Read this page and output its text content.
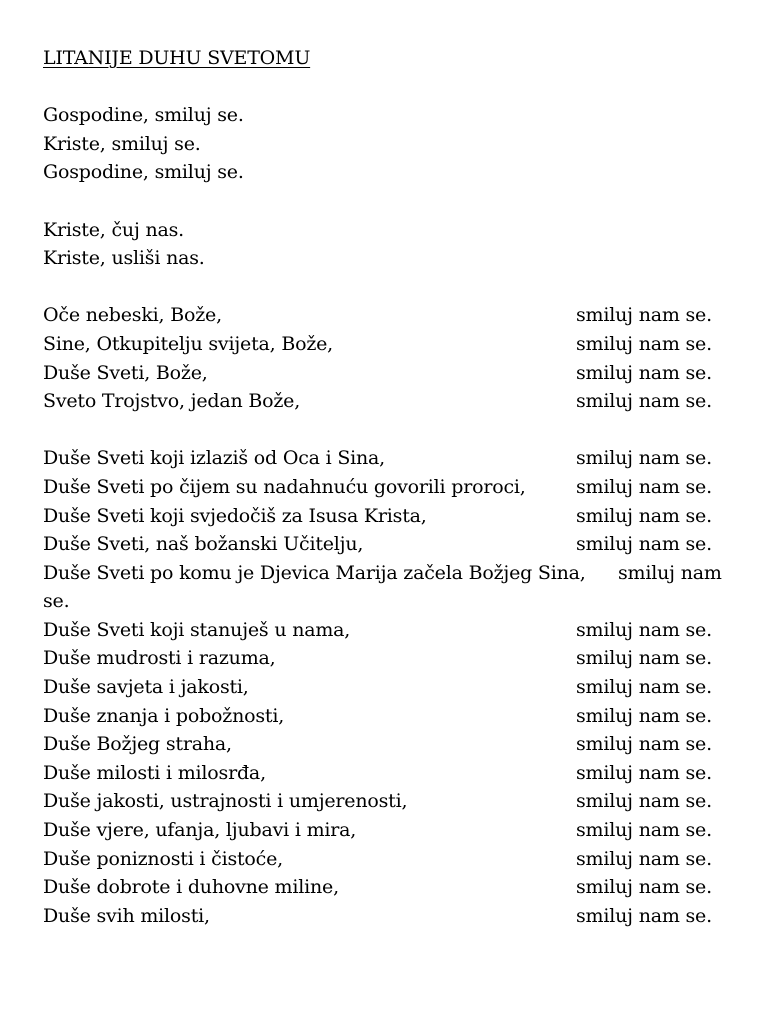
LITANIJE DUHU SVETOMU
Gospodine, smiluj se.
Kriste, smiluj se.
Gospodine, smiluj se.
Kriste, čuj nas.
Kriste, usliši nas.
Oče nebeski, Bože,	smiluj nam se.
Sine, Otkupitelju svijeta, Bože,	smiluj nam se.
Duše Sveti, Bože,	smiluj nam se.
Sveto Trojstvo, jedan Bože,	smiluj nam se.
Duše Sveti koji izlaziš od Oca i Sina,	smiluj nam se.
Duše Sveti po čijem su nadahnuću govorili proroci,	smiluj nam se.
Duše Sveti koji svjedočiš za Isusa Krista,	smiluj nam se.
Duše Sveti, naš božanski Učitelju,	smiluj nam se.
Duše Sveti po komu je Djevica Marija začela Božjeg Sina, smiluj nam
se.
Duše Sveti koji stanuješ u nama,	smiluj nam se.
Duše mudrosti i razuma,	smiluj nam se.
Duše savjeta i jakosti,	smiluj nam se.
Duše znanja i pobožnosti,	smiluj nam se.
Duše Božjeg straha,	smiluj nam se.
Duše milosti i milosrđa,	smiluj nam se.
Duše jakosti, ustrajnosti i umjerenosti,	smiluj nam se.
Duše vjere, ufanja, ljubavi i mira,	smiluj nam se.
Duše poniznosti i čistoće,	smiluj nam se.
Duše dobrote i duhovne miline,	smiluj nam se.
Duše svih milosti,	smiluj nam se.
